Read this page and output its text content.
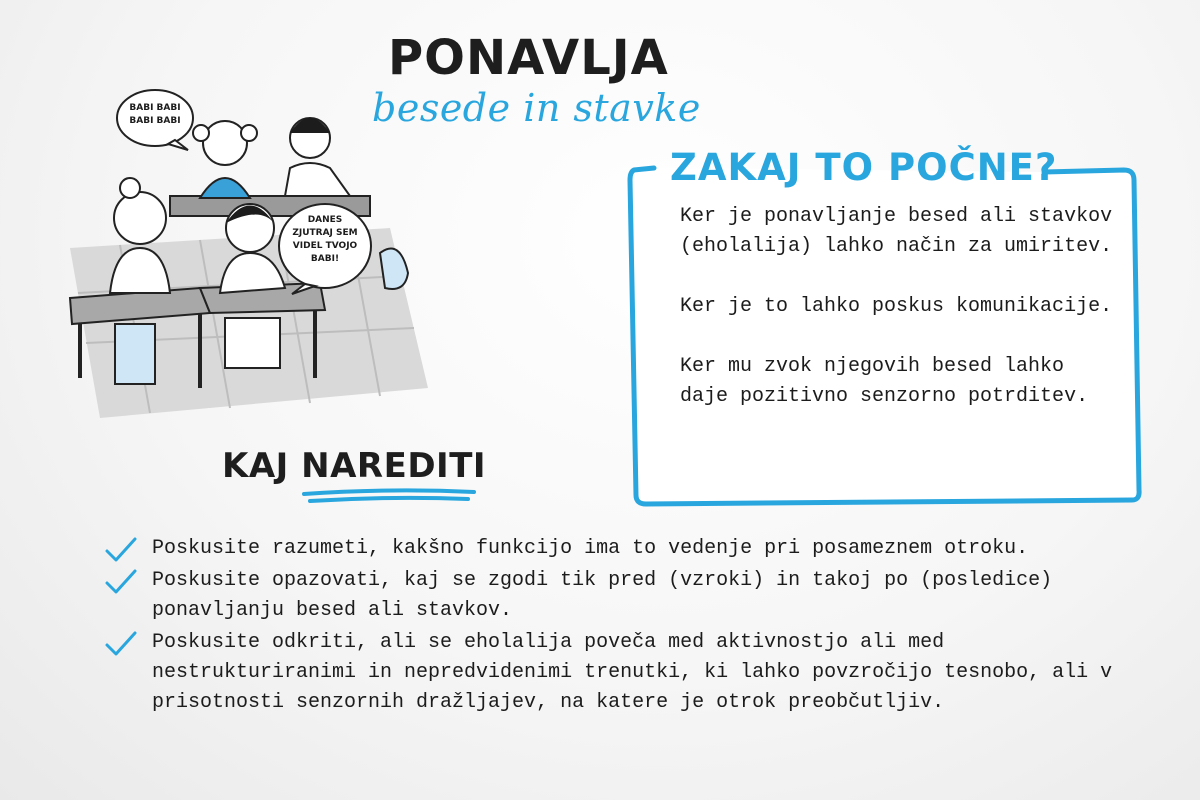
PONAVLJA
besede in stavke
BABI BABI BABI BABI
DANES ZJUTRAJ SEM VIDEL TVOJO BABI!
ZAKAJ TO POČNE?

Ker je ponavljanje besed ali stavkov (eholalija) lahko način za umiritev.

Ker je to lahko poskus komunikacije.

Ker mu zvok njegovih besed lahko daje pozitivno senzorno potrditev.

KAJ NAREDITI
Poskusite razumeti, kakšno funkcijo ima to vedenje pri posameznem otroku.
Poskusite opazovati, kaj se zgodi tik pred (vzroki) in takoj po (posledice) ponavljanju besed ali stavkov.
Poskusite odkriti, ali se eholalija poveča med aktivnostjo ali med nestrukturiranimi in nepredvidenimi trenutki, ki lahko povzročijo tesnobo, ali v prisotnosti senzornih dražljajev, na katere je otrok preobčutljiv.
